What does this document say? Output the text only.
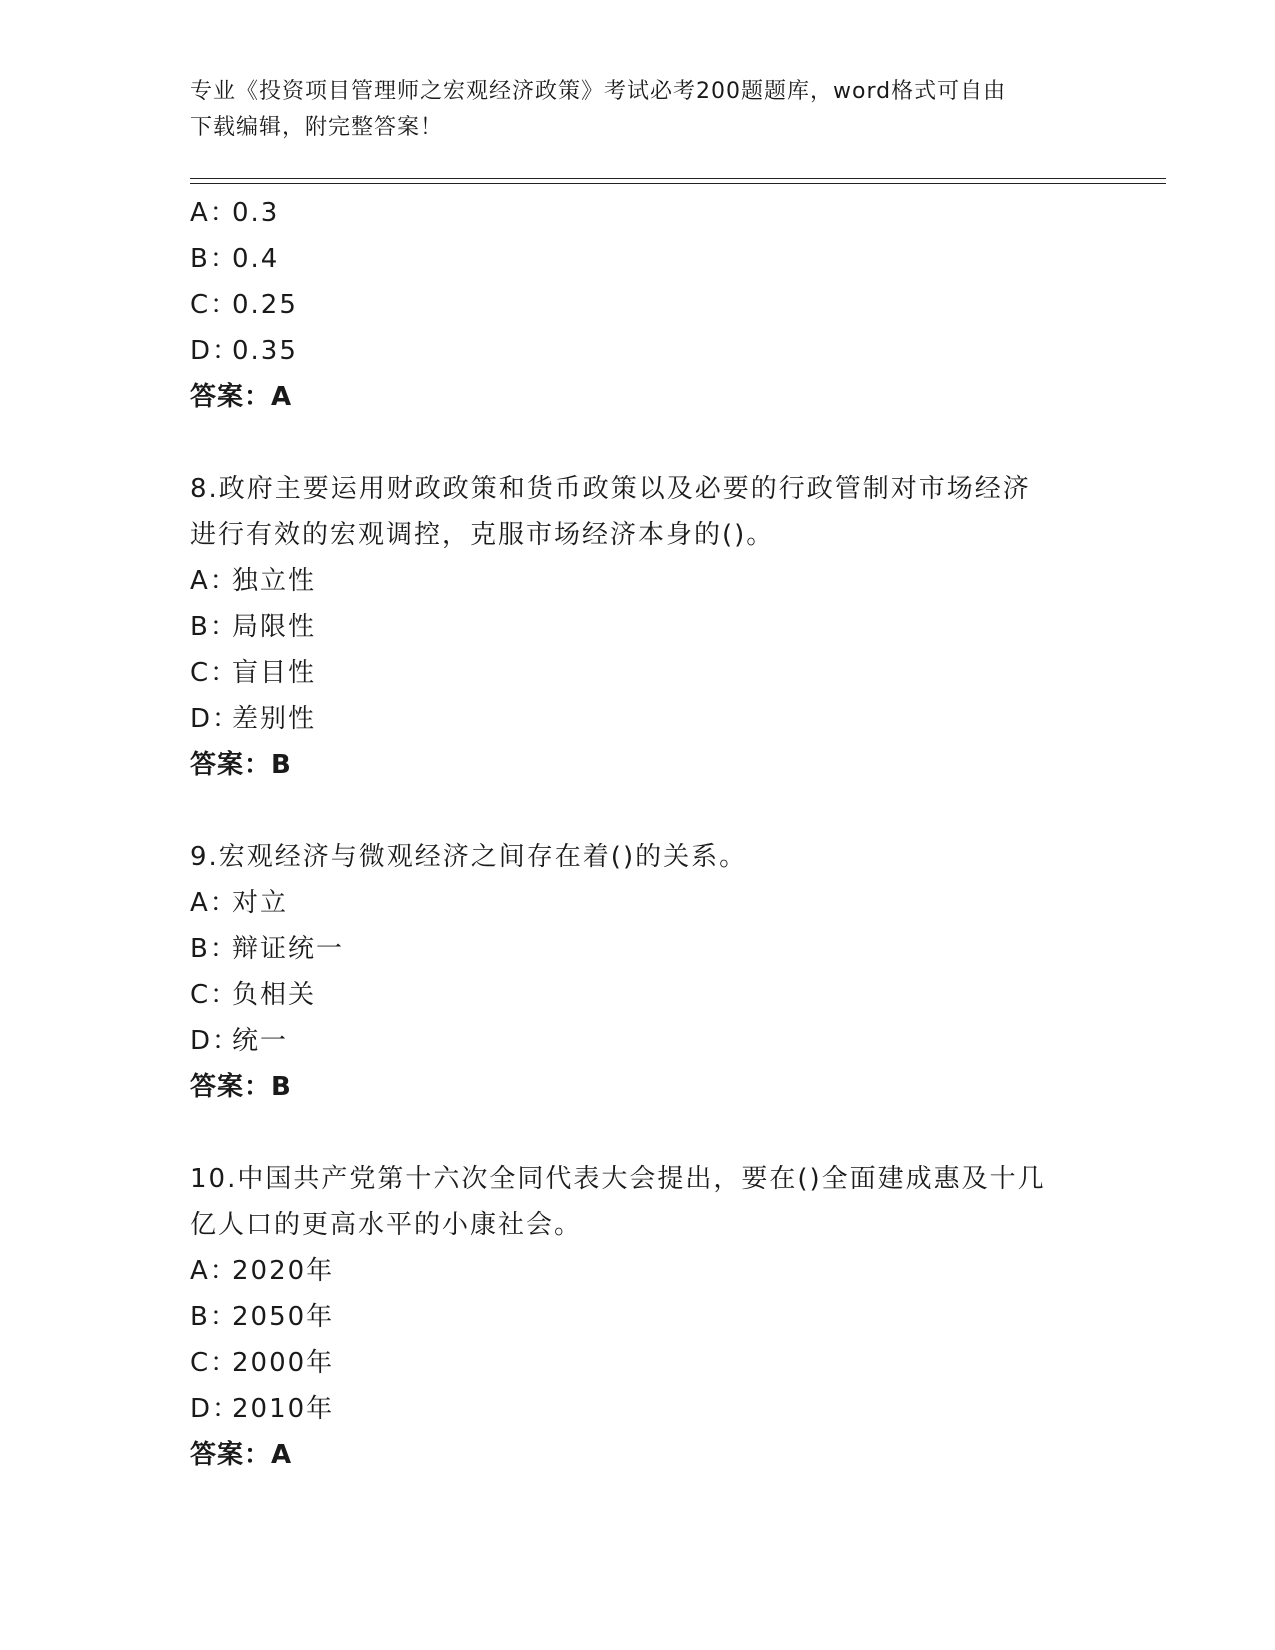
专业《投资项目管理师之宏观经济政策》考试必考200题题库，word格式可自由
下载编辑，附完整答案！
A：0.3
B：0.4
C：0.25
D：0.35
答案：A
8.政府主要运用财政政策和货币政策以及必要的行政管制对市场经济
进行有效的宏观调控，克服市场经济本身的()。
A：独立性
B：局限性
C：盲目性
D：差别性
答案：B
9.宏观经济与微观经济之间存在着()的关系。
A：对立
B：辩证统一
C：负相关
D：统一
答案：B
10.中国共产党第十六次全同代表大会提出，要在()全面建成惠及十几
亿人口的更高水平的小康社会。
A：2020年
B：2050年
C：2000年
D：2010年
答案：A
